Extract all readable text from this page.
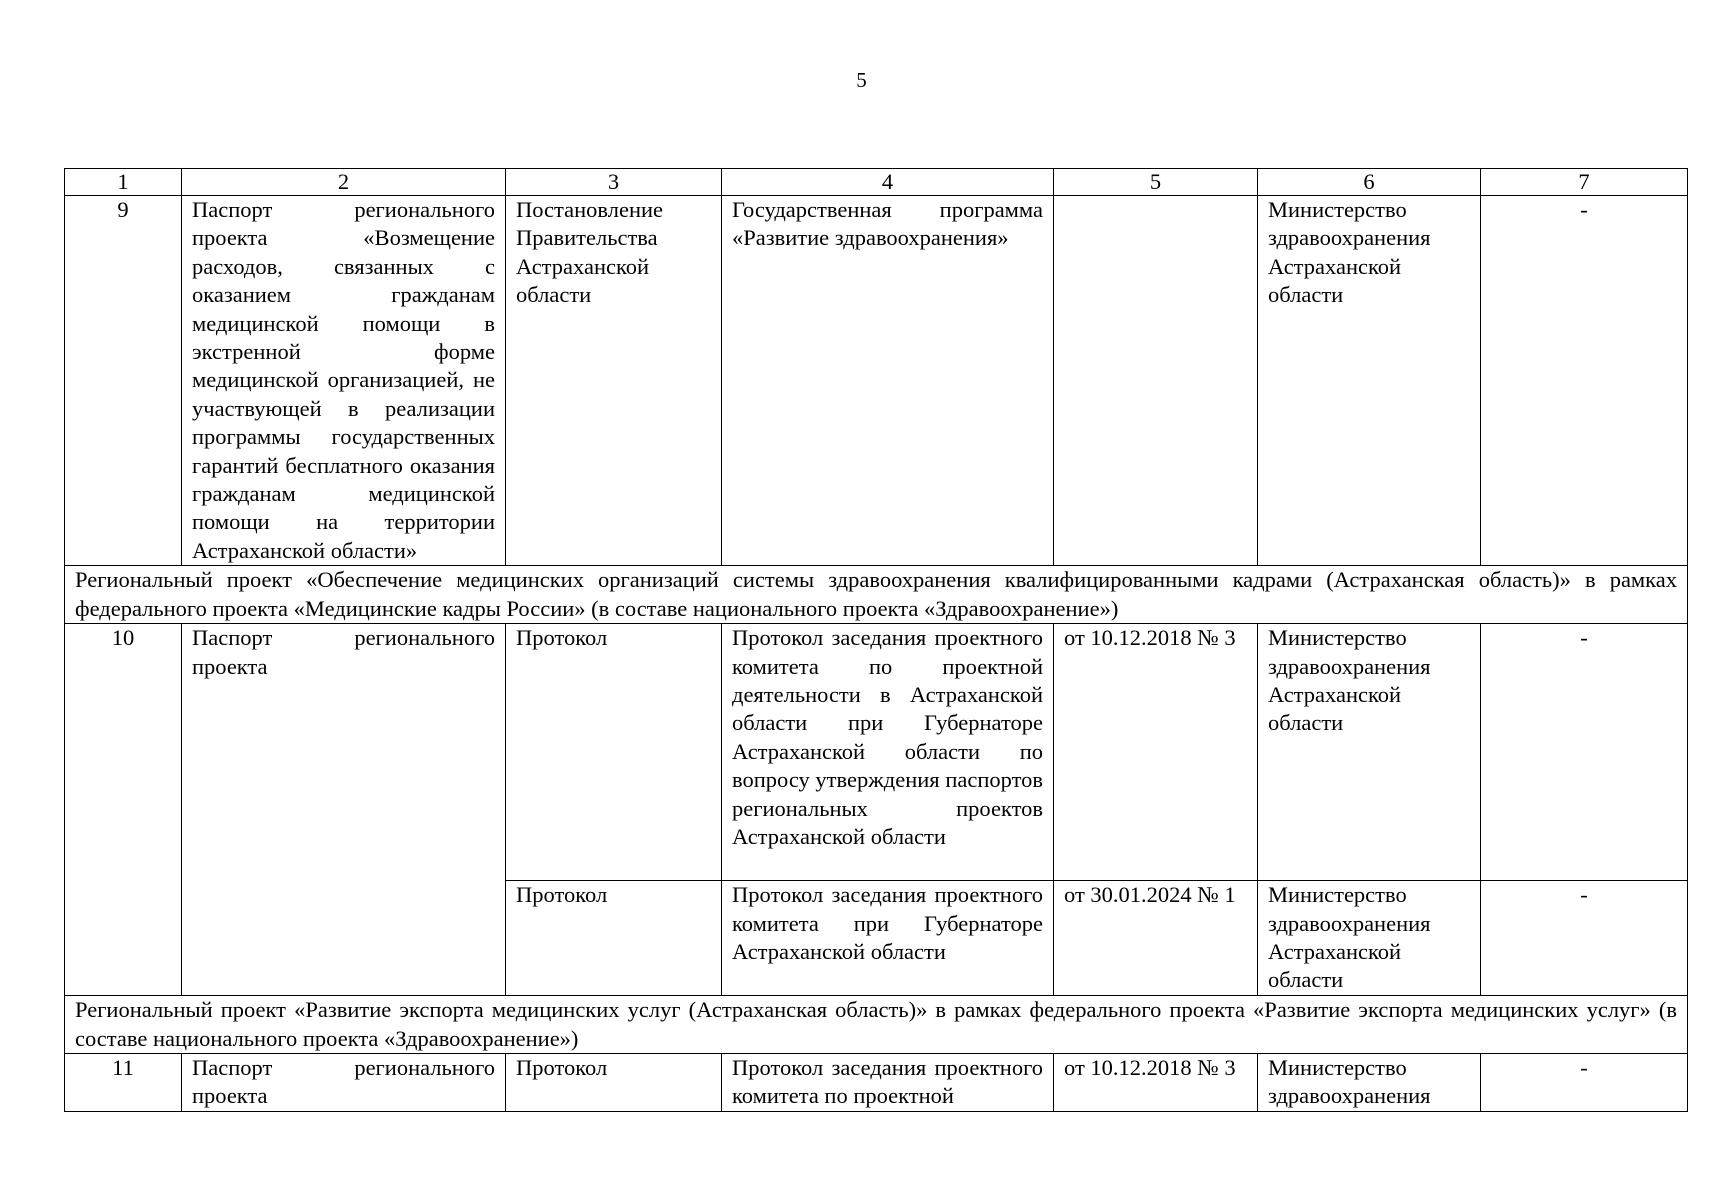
5
1	2	3	4	5	6	7
9	Паспорт регионального проекта «Возмещение расходов, связанных с оказанием гражданам медицинской помощи в экстренной форме медицинской организацией, не участвующей в реализации программы государственных гарантий бесплатного оказания гражданам медицинской помощи на территории Астраханской области»	Постановление Правительства Астраханской области	Государственная программа «Развитие здравоохранения»		Министерство здравоохранения Астраханской области	-
Региональный проект «Обеспечение медицинских организаций системы здравоохранения квалифицированными кадрами (Астраханская область)» в рамках федерального проекта «Медицинские кадры России» (в составе национального проекта «Здравоохранение»)						
10	Паспорт регионального проекта	Протокол	Протокол заседания проектного комитета по проектной деятельности в Астраханской области при Губернаторе Астраханской области по вопросу утверждения паспортов региональных проектов Астраханской области	от 10.12.2018 № 3	Министерство здравоохранения Астраханской области	-
		Протокол	Протокол заседания проектного комитета при Губернаторе Астраханской области	от 30.01.2024 № 1	Министерство здравоохранения Астраханской области	-
Региональный проект «Развитие экспорта медицинских услуг (Астраханская область)» в рамках федерального проекта «Развитие экспорта медицинских услуг» (в составе национального проекта «Здравоохранение»)						
11	Паспорт регионального проекта	Протокол	Протокол заседания проектного комитета по проектной	от 10.12.2018 № 3	Министерство здравоохранения	-
